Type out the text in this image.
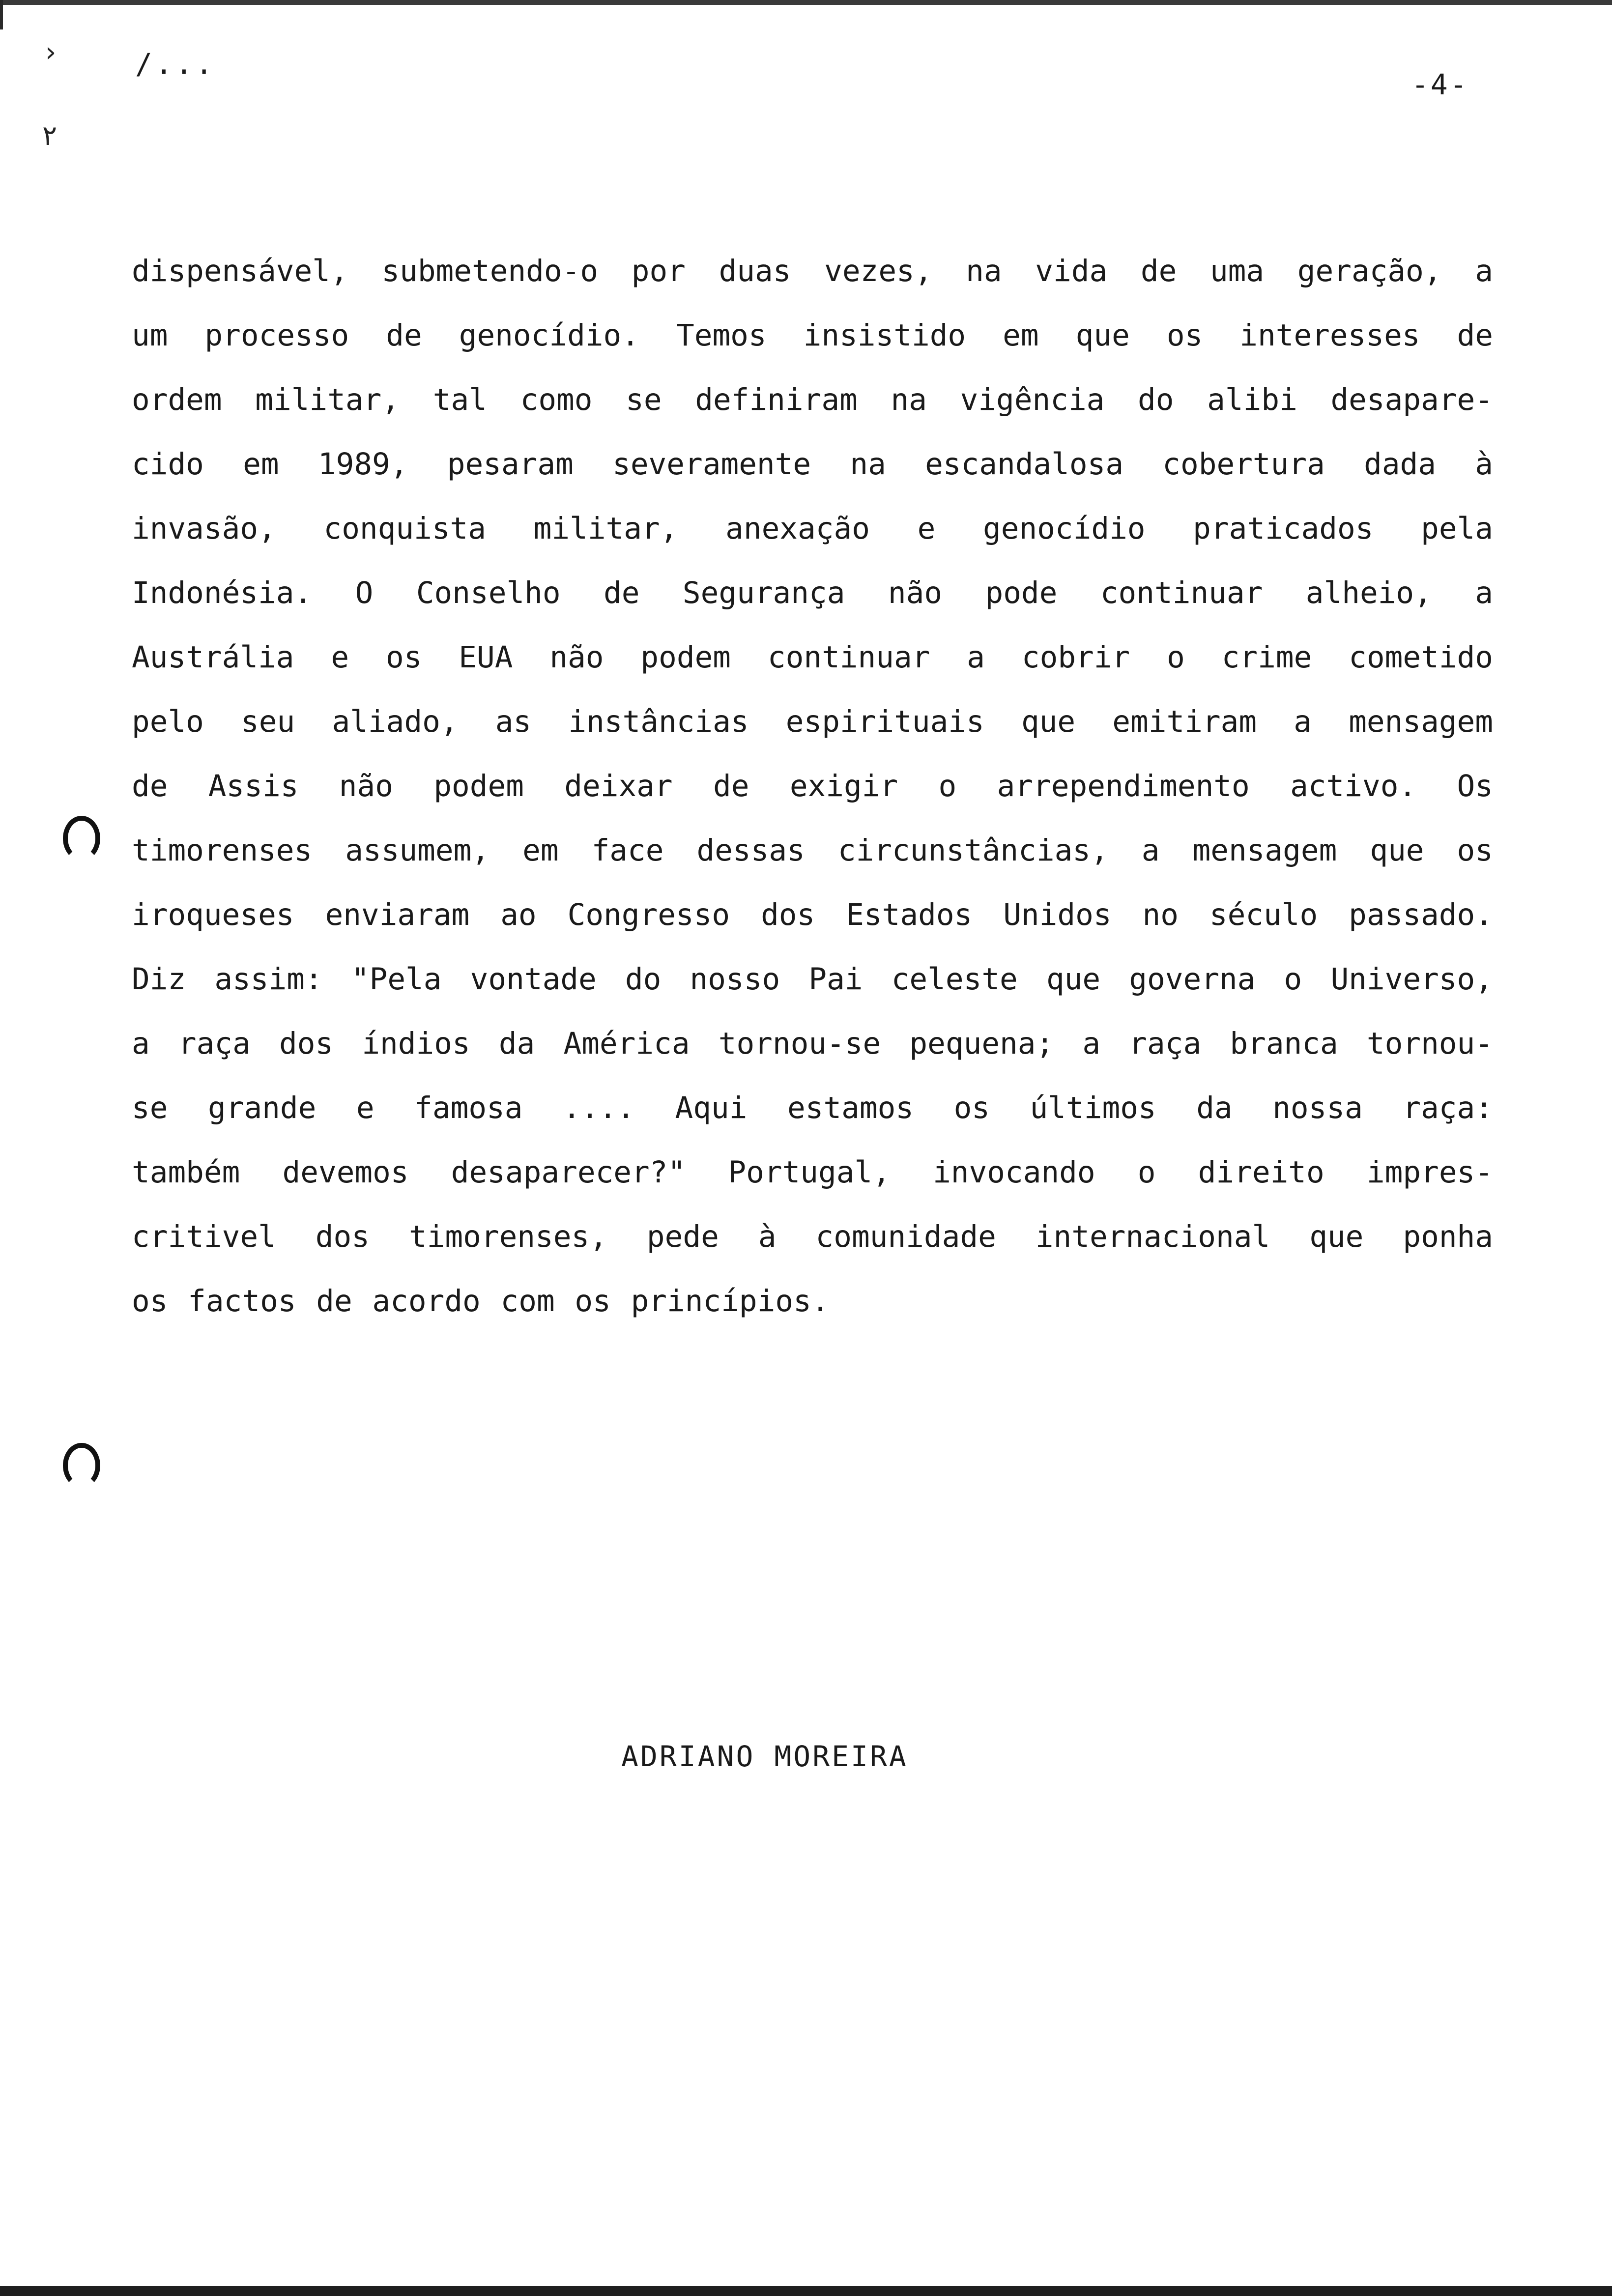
/...
-4-
›
٢
dispensável, submetendo-o por duas vezes, na vida de uma geração, a
um processo de genocídio. Temos insistido em que os interesses de
ordem militar, tal como se definiram na vigência do alibi desapare-
cido em 1989, pesaram severamente na escandalosa cobertura dada à
invasão, conquista militar, anexação e genocídio praticados pela
Indonésia. O Conselho de Segurança não pode continuar alheio, a
Austrália e os EUA não podem continuar a cobrir o crime cometido
pelo seu aliado, as instâncias espirituais que emitiram a mensagem
de Assis não podem deixar de exigir o arrependimento activo. Os
timorenses assumem, em face dessas circunstâncias, a mensagem que os
iroqueses enviaram ao Congresso dos Estados Unidos no século passado.
Diz assim: "Pela vontade do nosso Pai celeste que governa o Universo,
a raça dos índios da América tornou-se pequena; a raça branca tornou-
se grande e famosa .... Aqui estamos os últimos da nossa raça:
também devemos desaparecer?" Portugal, invocando o direito impres-
critivel dos timorenses, pede à comunidade internacional que ponha
os factos de acordo com os princípios.
ADRIANO MOREIRA
